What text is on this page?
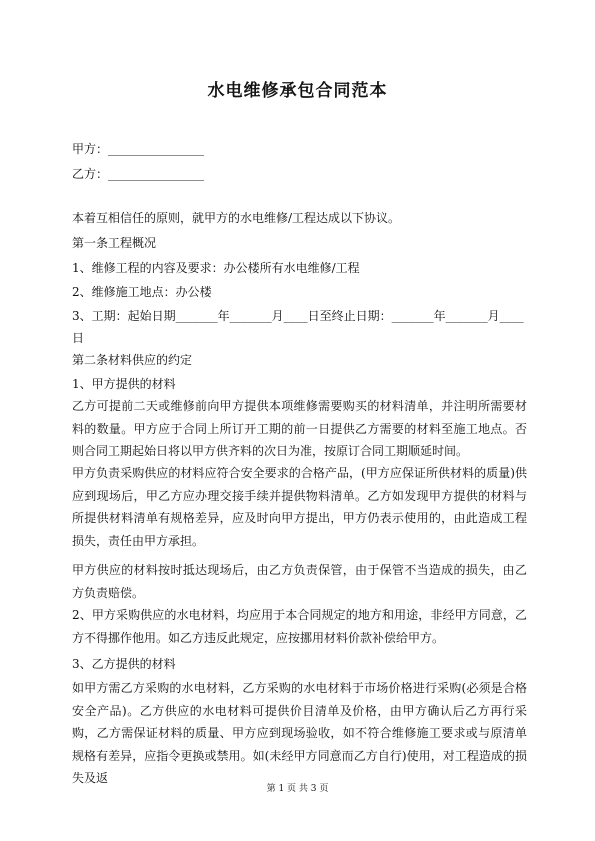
水电维修承包合同范本
甲方：________________
乙方：________________
本着互相信任的原则，就甲方的水电维修/工程达成以下协议。
第一条工程概况
1、维修工程的内容及要求：办公楼所有水电维修/工程
2、维修施工地点：办公楼
3、工期：起始日期_______年_______月____日至终止日期：_______年_______月____
日
第二条材料供应的约定
1、甲方提供的材料
乙方可提前二天或维修前向甲方提供本项维修需要购买的材料清单，并注明所需要材料的数量。甲方应于合同上所订开工期的前一日提供乙方需要的材料至施工地点。否则合同工期起始日将以甲方供齐料的次日为准，按原订合同工期顺延时间。
甲方负责采购供应的材料应符合安全要求的合格产品，(甲方应保证所供材料的质量)供应到现场后，甲乙方应办理交接手续并提供物料清单。乙方如发现甲方提供的材料与所提供材料清单有规格差异，应及时向甲方提出，甲方仍表示使用的，由此造成工程损失，责任由甲方承担。
甲方供应的材料按时抵达现场后，由乙方负责保管，由于保管不当造成的损失，由乙方负责赔偿。
2、甲方采购供应的水电材料，均应用于本合同规定的地方和用途，非经甲方同意，乙方不得挪作他用。如乙方违反此规定，应按挪用材料价款补偿给甲方。
3、乙方提供的材料
如甲方需乙方采购的水电材料，乙方采购的水电材料于市场价格进行采购(必须是合格安全产品)。乙方供应的水电材料可提供价目清单及价格，由甲方确认后乙方再行采购，乙方需保证材料的质量、甲方应到现场验收，如不符合维修施工要求或与原清单规格有差异，应指令更换或禁用。如(未经甲方同意而乙方自行)使用，对工程造成的损失及返
第 1 页 共 3 页
